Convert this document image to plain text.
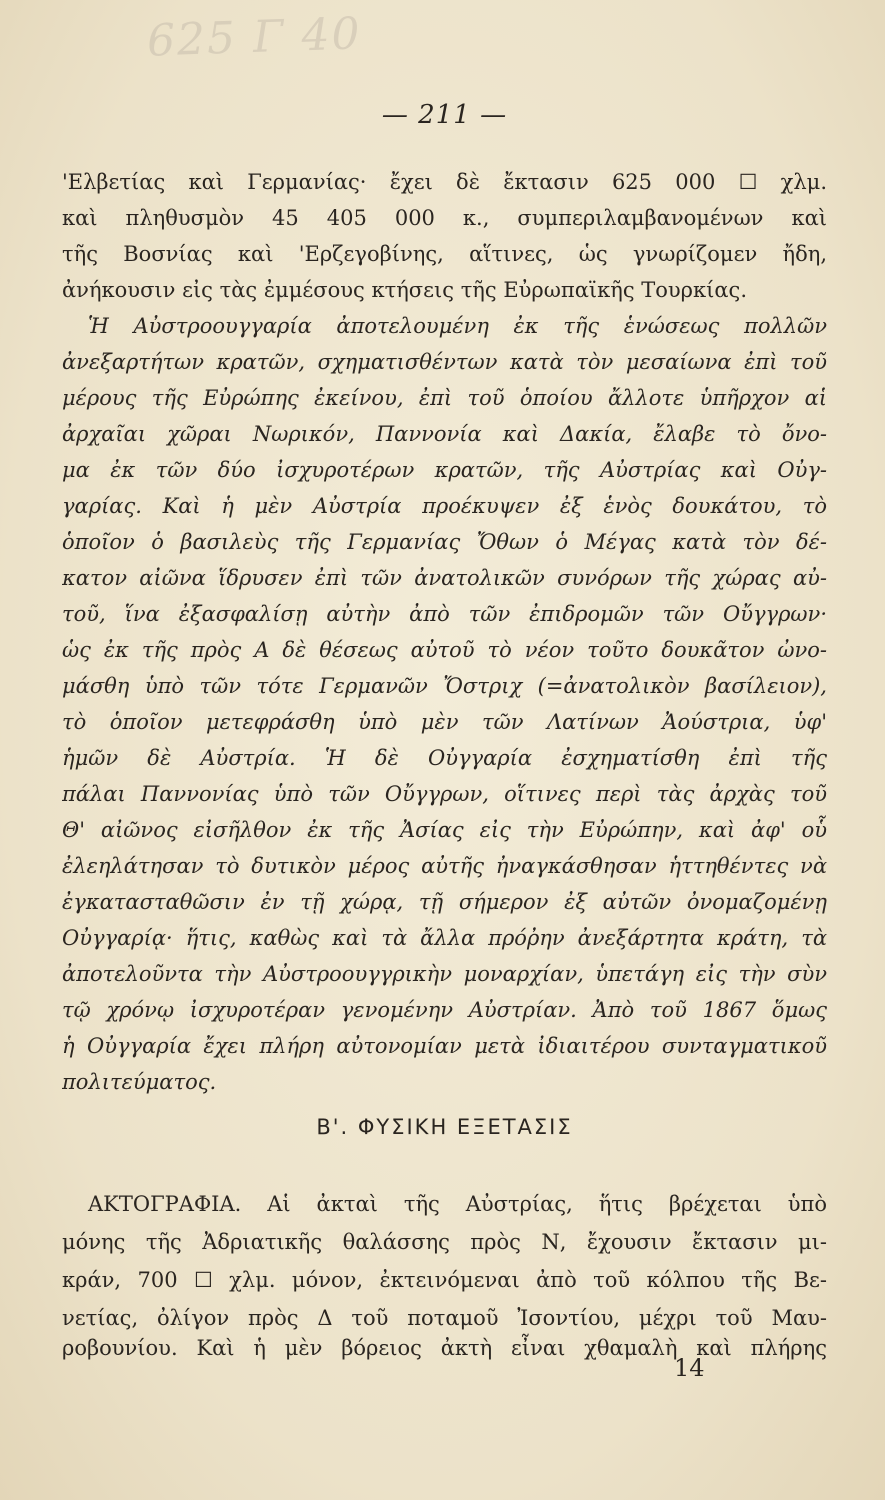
625 Γ 40
— 211 —
'Ελβετίας καὶ Γερμανίας· ἔχει δὲ ἔκτασιν 625 000 ☐ χλμ.
καὶ πληθυσμὸν 45 405 000 κ., συμπεριλαμβανομένων καὶ
τῆς Βοσνίας καὶ 'Ερζεγοβίνης, αἵτινες, ὡς γνωρίζομεν ἤδη,
ἀνήκουσιν εἰς τὰς ἐμμέσους κτήσεις τῆς Εὐρωπαϊκῆς Τουρκίας.
Ἡ Αὐστροουγγαρία ἀποτελουμένη ἐκ τῆς ἑνώσεως πολλῶν
ἀνεξαρτήτων κρατῶν, σχηματισθέντων κατὰ τὸν μεσαίωνα ἐπὶ τοῦ
μέρους τῆς Εὐρώπης ἐκείνου, ἐπὶ τοῦ ὁποίου ἄλλοτε ὑπῆρχον αἱ
ἀρχαῖαι χῶραι Νωρικόν, Παννονία καὶ Δακία, ἔλαβε τὸ ὄνο-
μα ἐκ τῶν δύο ἰσχυροτέρων κρατῶν, τῆς Αὐστρίας καὶ Οὐγ-
γαρίας. Καὶ ἡ μὲν Αὐστρία προέκυψεν ἐξ ἑνὸς δουκάτου, τὸ
ὁποῖον ὁ βασιλεὺς τῆς Γερμανίας Ὄθων ὁ Μέγας κατὰ τὸν δέ-
κατον αἰῶνα ἵδρυσεν ἐπὶ τῶν ἀνατολικῶν συνόρων τῆς χώρας αὐ-
τοῦ, ἵνα ἐξασφαλίσῃ αὐτὴν ἀπὸ τῶν ἐπιδρομῶν τῶν Οὔγγρων·
ὡς ἐκ τῆς πρὸς Α δὲ θέσεως αὐτοῦ τὸ νέον τοῦτο δουκᾶτον ὠνο-
μάσθη ὑπὸ τῶν τότε Γερμανῶν Ὄστριχ (=ἀνατολικὸν βασίλειον),
τὸ ὁποῖον μετεφράσθη ὑπὸ μὲν τῶν Λατίνων Ἀούστρια, ὑφ'
ἡμῶν δὲ Αὐστρία. Ἡ δὲ Οὐγγαρία ἐσχηματίσθη ἐπὶ τῆς
πάλαι Παννονίας ὑπὸ τῶν Οὔγγρων, οἵτινες περὶ τὰς ἀρχὰς τοῦ
Θ' αἰῶνος εἰσῆλθον ἐκ τῆς Ἀσίας εἰς τὴν Εὐρώπην, καὶ ἀφ' οὗ
ἐλεηλάτησαν τὸ δυτικὸν μέρος αὐτῆς ἠναγκάσθησαν ἡττηθέντες νὰ
ἐγκατασταθῶσιν ἐν τῇ χώρᾳ, τῇ σήμερον ἐξ αὐτῶν ὀνομαζομένῃ
Οὐγγαρίᾳ· ἥτις, καθὼς καὶ τὰ ἄλλα πρόῤην ἀνεξάρτητα κράτη, τὰ
ἀποτελοῦντα τὴν Αὐστροουγγρικὴν μοναρχίαν, ὑπετάγη εἰς τὴν σὺν
τῷ χρόνῳ ἰσχυροτέραν γενομένην Αὐστρίαν. Ἀπὸ τοῦ 1867 ὅμως
ἡ Οὐγγαρία ἔχει πλήρη αὐτονομίαν μετὰ ἰδιαιτέρου συνταγματικοῦ
πολιτεύματος.
Β'. ΦΥΣΙΚΗ ΕΞΕΤΑΣΙΣ
ΑΚΤΟΓΡΑΦΙΑ. Αἱ ἀκταὶ τῆς Αὐστρίας, ἥτις βρέχεται ὑπὸ
μόνης τῆς Ἀδριατικῆς θαλάσσης πρὸς Ν, ἔχουσιν ἔκτασιν μι-
κράν, 700 ☐ χλμ. μόνον, ἐκτεινόμεναι ἀπὸ τοῦ κόλπου τῆς Βε-
νετίας, ὀλίγον πρὸς Δ τοῦ ποταμοῦ Ἰσοντίου, μέχρι τοῦ Μαυ-
ροβουνίου. Καὶ ἡ μὲν βόρειος ἀκτὴ εἶναι χθαμαλὴ καὶ πλήρης
14
